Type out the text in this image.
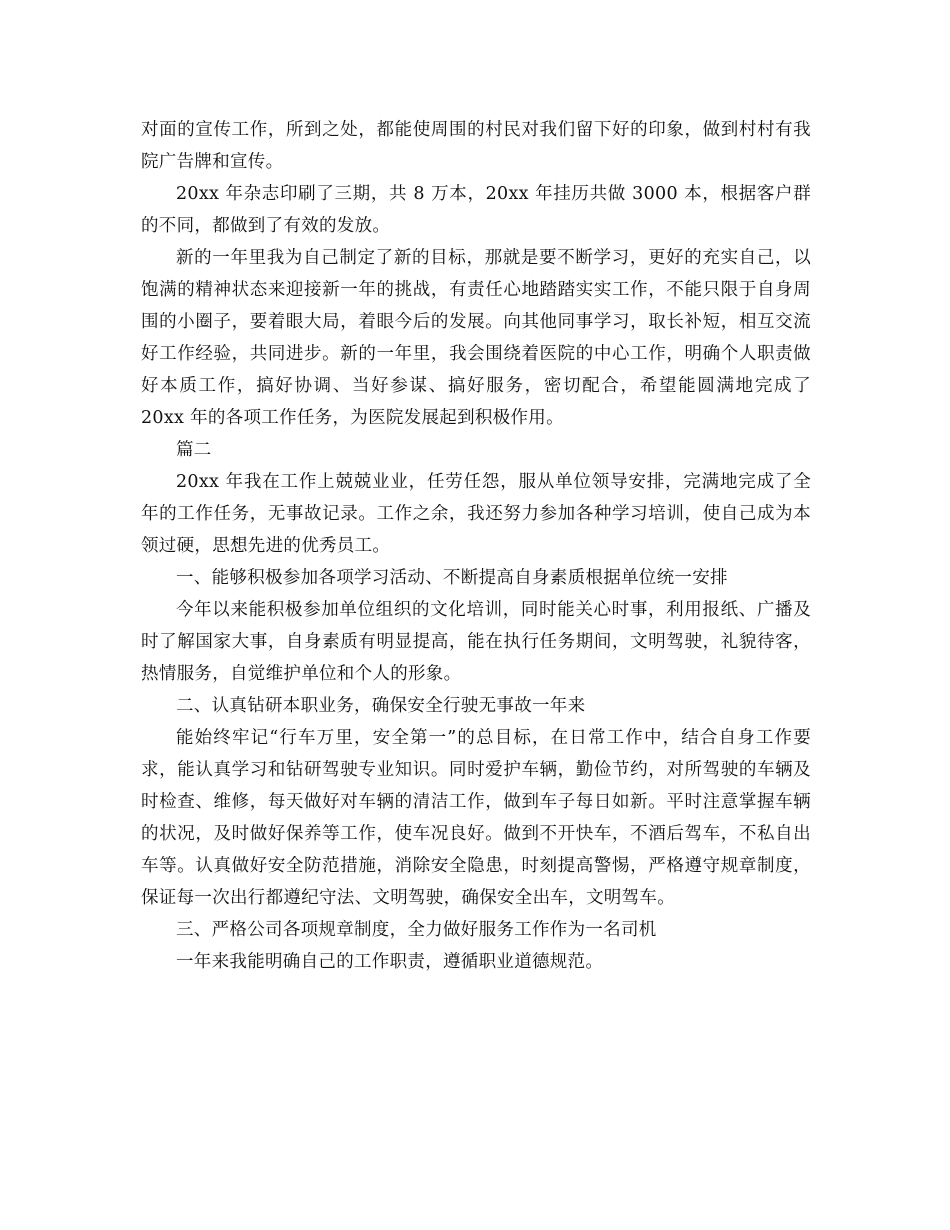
对面的宣传工作，所到之处，都能使周围的村民对我们留下好的印象，做到村村有我院广告牌和宣传。

20xx 年杂志印刷了三期，共 8 万本，20xx 年挂历共做 3000 本，根据客户群的不同，都做到了有效的发放。

新的一年里我为自己制定了新的目标，那就是要不断学习，更好的充实自己，以饱满的精神状态来迎接新一年的挑战，有责任心地踏踏实实工作，不能只限于自身周围的小圈子，要着眼大局，着眼今后的发展。向其他同事学习，取长补短，相互交流好工作经验，共同进步。新的一年里，我会围绕着医院的中心工作，明确个人职责做好本质工作，搞好协调、当好参谋、搞好服务，密切配合，希望能圆满地完成了 20xx 年的各项工作任务，为医院发展起到积极作用。

篇二

20xx 年我在工作上兢兢业业，任劳任怨，服从单位领导安排，完满地完成了全年的工作任务，无事故记录。工作之余，我还努力参加各种学习培训，使自己成为本领过硬，思想先进的优秀员工。

一、能够积极参加各项学习活动、不断提高自身素质根据单位统一安排

今年以来能积极参加单位组织的文化培训，同时能关心时事，利用报纸、广播及时了解国家大事，自身素质有明显提高，能在执行任务期间，文明驾驶，礼貌待客，热情服务，自觉维护单位和个人的形象。

二、认真钻研本职业务，确保安全行驶无事故一年来

能始终牢记“行车万里，安全第一”的总目标，在日常工作中，结合自身工作要求，能认真学习和钻研驾驶专业知识。同时爱护车辆，勤俭节约，对所驾驶的车辆及时检查、维修，每天做好对车辆的清洁工作，做到车子每日如新。平时注意掌握车辆的状况，及时做好保养等工作，使车况良好。做到不开快车，不酒后驾车，不私自出车等。认真做好安全防范措施，消除安全隐患，时刻提高警惕，严格遵守规章制度，保证每一次出行都遵纪守法、文明驾驶，确保安全出车，文明驾车。

三、严格公司各项规章制度，全力做好服务工作作为一名司机

一年来我能明确自己的工作职责，遵循职业道德规范。
